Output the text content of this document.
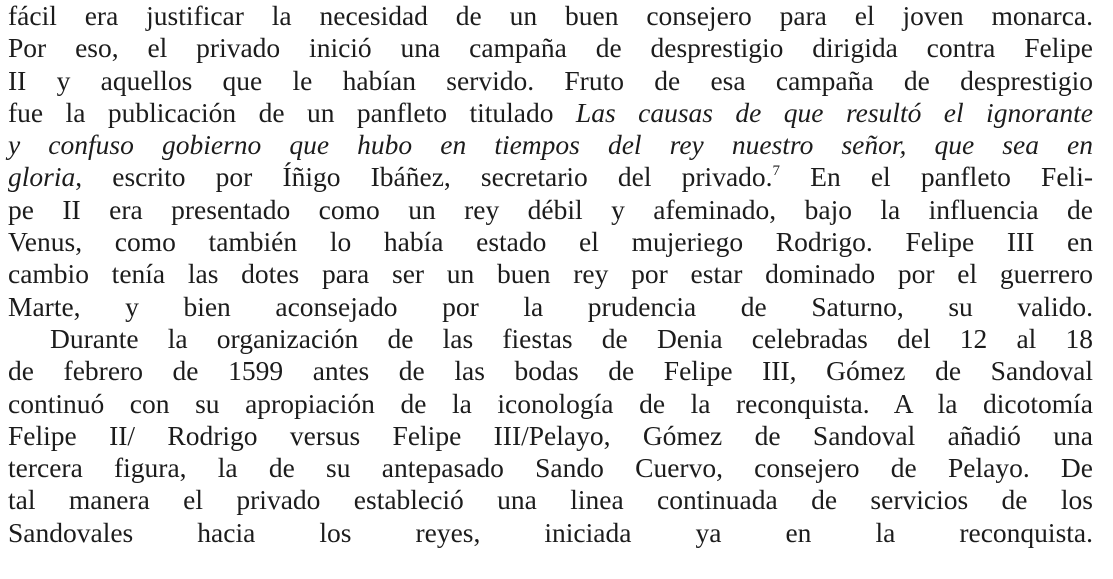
fácil era justificar la necesidad de un buen consejero para el joven monarca.
Por eso, el privado inició una campaña de desprestigio dirigida contra Felipe
II y aquellos que le habían servido. Fruto de esa campaña de desprestigio
fue la publicación de un panfleto titulado Las causas de que resultó el ignorante
y confuso gobierno que hubo en tiempos del rey nuestro señor, que sea en
gloria, escrito por Íñigo Ibáñez, secretario del privado.$^7$ En el panfleto Feli-
pe II era presentado como un rey débil y afeminado, bajo la influencia de
Venus, como también lo había estado el mujeriego Rodrigo. Felipe III en
cambio tenía las dotes para ser un buen rey por estar dominado por el guerrero
Marte, y bien aconsejado por la prudencia de Saturno, su valido.
Durante la organización de las fiestas de Denia celebradas del 12 al 18
de febrero de 1599 antes de las bodas de Felipe III, Gómez de Sandoval
continuó con su apropiación de la iconología de la reconquista. A la dicotomía
Felipe II/ Rodrigo versus Felipe III/Pelayo, Gómez de Sandoval añadió una
tercera figura, la de su antepasado Sando Cuervo, consejero de Pelayo. De
tal manera el privado estableció una linea continuada de servicios de los
Sandovales hacia los reyes, iniciada ya en la reconquista.
